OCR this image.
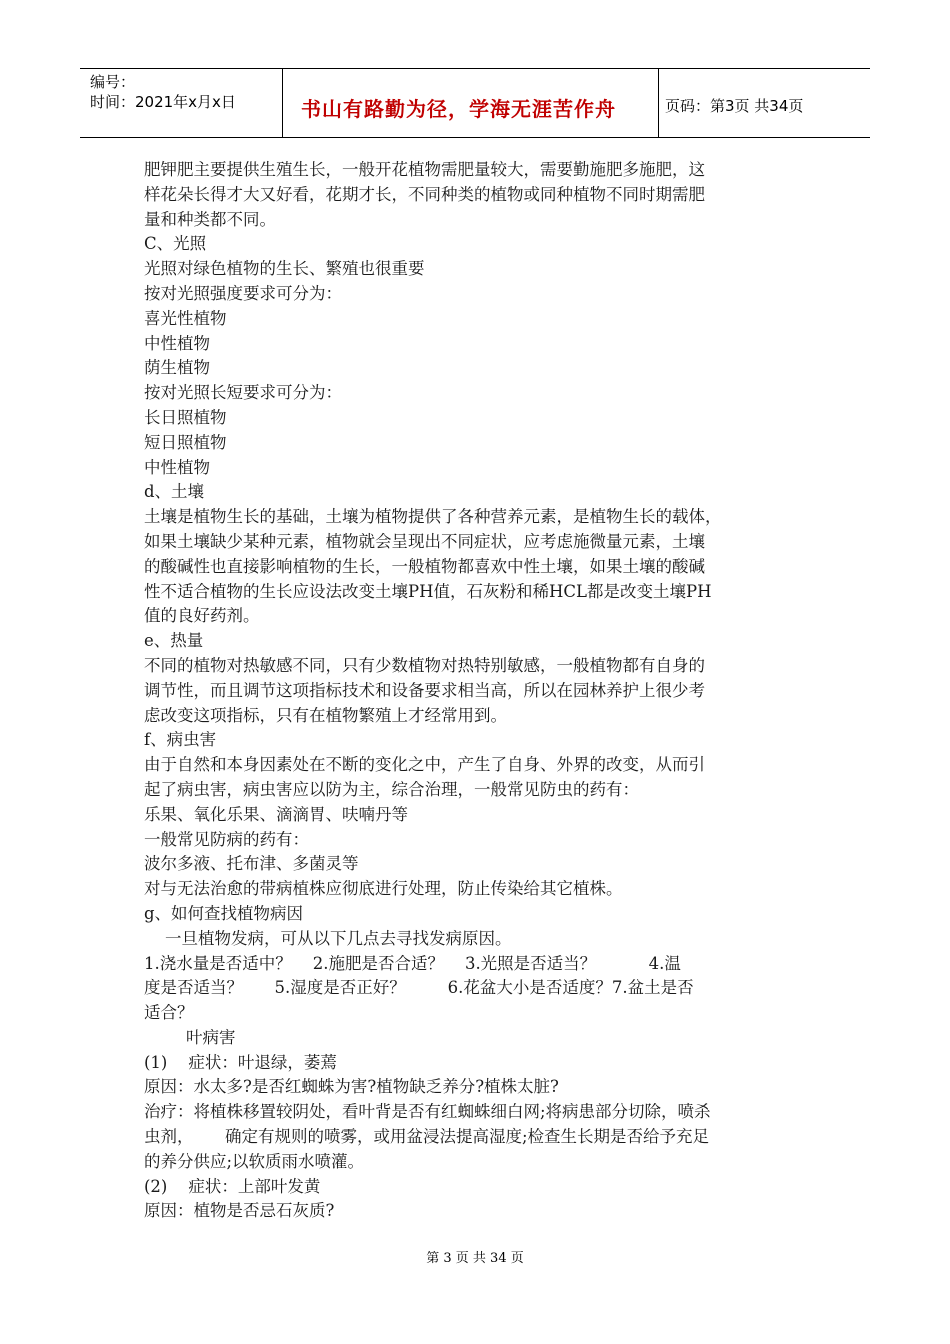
编号：
时间：2021年x月x日	书山有路勤为径，学海无涯苦作舟	页码：第3页 共34页
肥钾肥主要提供生殖生长，一般开花植物需肥量较大，需要勤施肥多施肥，这
样花朵长得才大又好看，花期才长，不同种类的植物或同种植物不同时期需肥
量和种类都不同。
C、光照
光照对绿色植物的生长、繁殖也很重要
按对光照强度要求可分为：
喜光性植物
中性植物
荫生植物
按对光照长短要求可分为：
长日照植物
短日照植物
中性植物
d、土壤
土壤是植物生长的基础，土壤为植物提供了各种营养元素，是植物生长的载体，
如果土壤缺少某种元素，植物就会呈现出不同症状，应考虑施微量元素，土壤
的酸碱性也直接影响植物的生长，一般植物都喜欢中性土壤，如果土壤的酸碱
性不适合植物的生长应设法改变土壤PH值，石灰粉和稀HCL都是改变土壤PH
值的良好药剂。
e、热量
不同的植物对热敏感不同，只有少数植物对热特别敏感，一般植物都有自身的
调节性，而且调节这项指标技术和设备要求相当高，所以在园林养护上很少考
虑改变这项指标，只有在植物繁殖上才经常用到。
f、病虫害
由于自然和本身因素处在不断的变化之中，产生了自身、外界的改变，从而引
起了病虫害，病虫害应以防为主，综合治理，一般常见防虫的药有：
乐果、氧化乐果、滴滴胃、呋喃丹等
一般常见防病的药有：
波尔多液、托布津、多菌灵等
对与无法治愈的带病植株应彻底进行处理，防止传染给其它植株。
g、如何查找植物病因
一旦植物发病，可从以下几点去寻找发病原因。
1.浇水量是否适中？    2.施肥是否合适？    3.光照是否适当？          4.温
度是否适当？      5.湿度是否正好？        6.花盆大小是否适度？7.盆土是否
适合？
叶病害
(1)    症状：叶退绿，萎蔫
原因：水太多?是否红蜘蛛为害?植物缺乏养分?植株太脏?
治疗：将植株移置较阴处，看叶背是否有红蜘蛛细白网;将病患部分切除，喷杀
虫剂，      确定有规则的喷雾，或用盆浸法提高湿度;检查生长期是否给予充足
的养分供应;以软质雨水喷灌。
(2)    症状：上部叶发黄
原因：植物是否忌石灰质?
第 3 页 共 34 页
